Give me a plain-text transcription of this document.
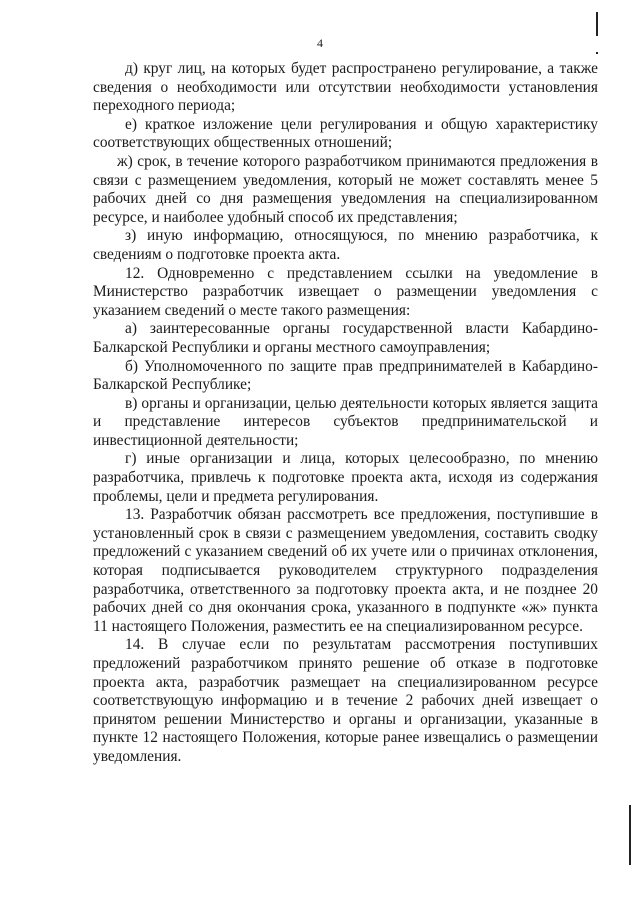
4

д) круг лиц, на которых будет распространено регулирование, а также сведения о необходимости или отсутствии необходимости установления переходного периода;

е) краткое изложение цели регулирования и общую характеристику соответствующих общественных отношений;

ж) срок, в течение которого разработчиком принимаются предложения в связи с размещением уведомления, который не может составлять менее 5 рабочих дней со дня размещения уведомления на специализированном ресурсе, и наиболее удобный способ их представления;

з) иную информацию, относящуюся, по мнению разработчика, к сведениям о подготовке проекта акта.

12. Одновременно с представлением ссылки на уведомление в Министерство разработчик извещает о размещении уведомления с указанием сведений о месте такого размещения:

а) заинтересованные органы государственной власти Кабардино-Балкарской Республики и органы местного самоуправления;

б) Уполномоченного по защите прав предпринимателей в Кабардино-Балкарской Республике;

в) органы и организации, целью деятельности которых является защита и представление интересов субъектов предпринимательской и инвестиционной деятельности;

г) иные организации и лица, которых целесообразно, по мнению разработчика, привлечь к подготовке проекта акта, исходя из содержания проблемы, цели и предмета регулирования.

13. Разработчик обязан рассмотреть все предложения, поступившие в установленный срок в связи с размещением уведомления, составить сводку предложений с указанием сведений об их учете или о причинах отклонения, которая подписывается руководителем структурного подразделения разработчика, ответственного за подготовку проекта акта, и не позднее 20 рабочих дней со дня окончания срока, указанного в подпункте «ж» пункта 11 настоящего Положения, разместить ее на специализированном ресурсе.

14. В случае если по результатам рассмотрения поступивших предложений разработчиком принято решение об отказе в подготовке проекта акта, разработчик размещает на специализированном ресурсе соответствующую информацию и в течение 2 рабочих дней извещает о принятом решении Министерство и органы и организации, указанные в пункте 12 настоящего Положения, которые ранее извещались о размещении уведомления.
